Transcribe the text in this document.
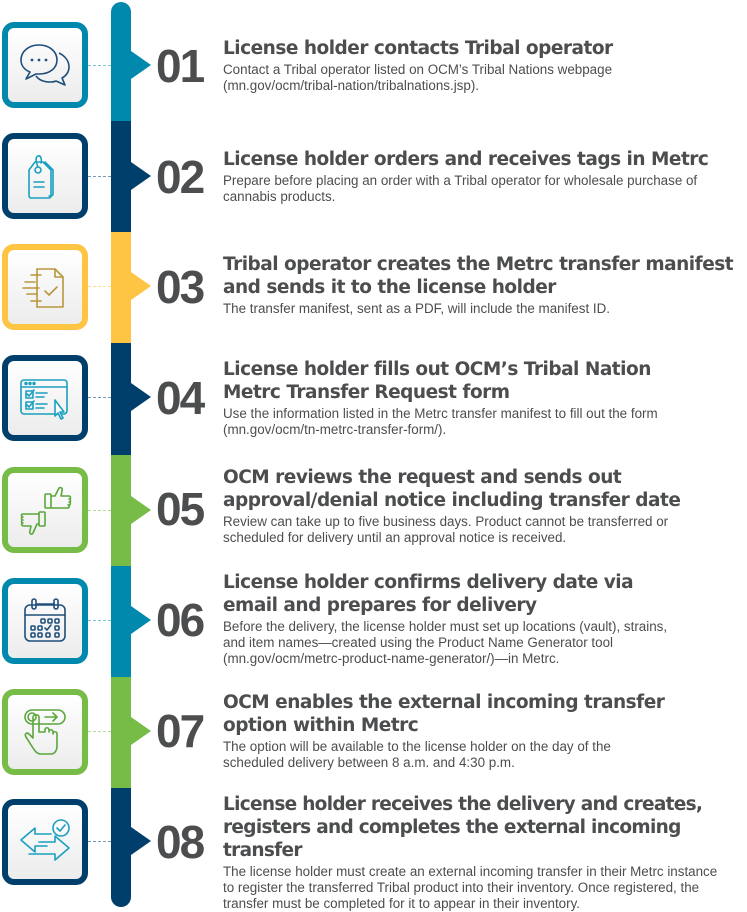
01	License holder contacts Tribal operator

Contact a Tribal operator listed on OCM’s Tribal Nations webpage (mn.gov/ocm/tribal-nation/tribalnations.jsp).

02	License holder orders and receives tags in Metrc

Prepare before placing an order with a Tribal operator for wholesale purchase of cannabis products.

03	Tribal operator creates the Metrc transfer manifest and sends it to the license holder

The transfer manifest, sent as a PDF, will include the manifest ID.

04

License holder fills out OCM’s Tribal Nation Metrc Transfer Request form

Use the information listed in the Metrc transfer manifest to fill out the form (mn.gov/ocm/tn-metrc-transfer-form/).

05

OCM reviews the request and sends out approval/denial notice including transfer date

Review can take up to five business days. Product cannot be transferred or scheduled for delivery until an approval notice is received.

06

License holder confirms delivery date via email and prepares for delivery

Before the delivery, the license holder must set up locations (vault), strains, and item names—created using the Product Name Generator tool (mn.gov/ocm/metrc-product-name-generator/)—in Metrc.

07

OCM enables the external incoming transfer option within Metrc

The option will be available to the license holder on the day of the scheduled delivery between 8 a.m. and 4:30 p.m.

08

License holder receives the delivery and creates, registers and completes the external incoming transfer

The license holder must create an external incoming transfer in their Metrc instance to register the transferred Tribal product into their inventory. Once registered, the transfer must be completed for it to appear in their inventory.
